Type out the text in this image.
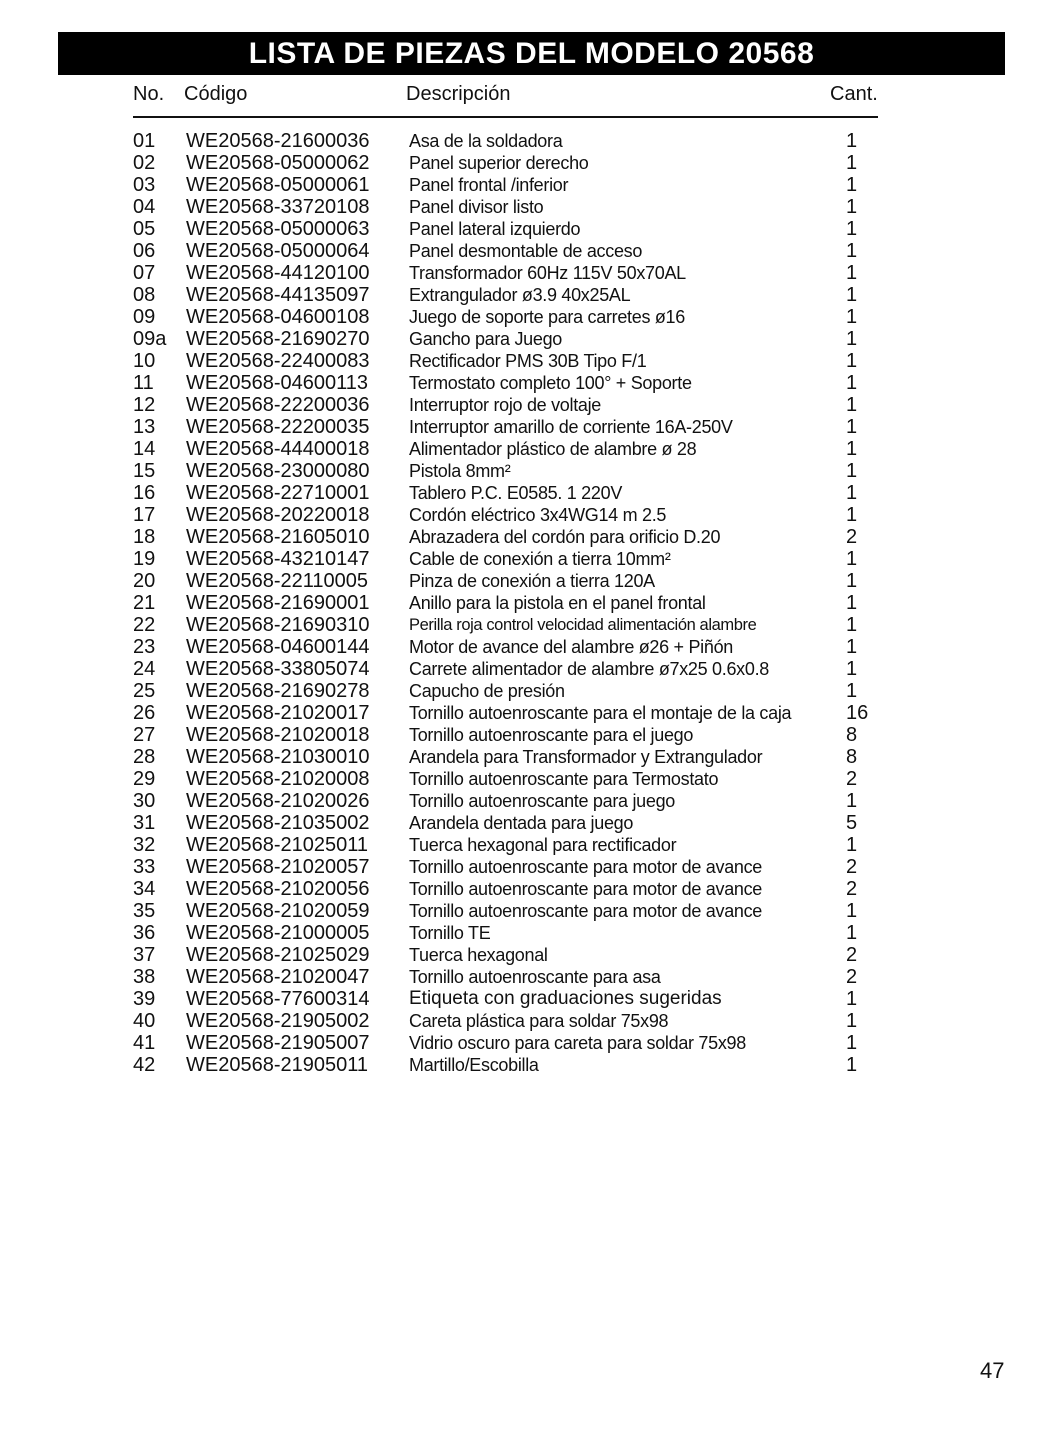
LISTA DE PIEZAS DEL MODELO 20568
No. Código	Descripción	Cant.
01 WE20568-21600036 Asa de la soldadora	1
02 WE20568-05000062 Panel superior derecho	1
03 WE20568-05000061 Panel frontal /inferior	1
04 WE20568-33720108 Panel divisor listo	1
05 WE20568-05000063 Panel lateral izquierdo	1
06 WE20568-05000064 Panel desmontable de acceso	1
07 WE20568-44120100 Transformador 60Hz 115V 50x70AL	1
08 WE20568-44135097 Extrangulador ø3.9 40x25AL	1
09 WE20568-04600108 Juego de soporte para carretes ø16	1
09a WE20568-21690270 Gancho para Juego	1
10 WE20568-22400083 Rectificador PMS 30B Tipo F/1	1
11 WE20568-04600113 Termostato completo 100° + Soporte	1
12 WE20568-22200036 Interruptor rojo de voltaje	1
13 WE20568-22200035 Interruptor amarillo de corriente 16A-250V	1
14 WE20568-44400018 Alimentador plástico de alambre ø 28	1
15 WE20568-23000080 Pistola 8mm²	1
16 WE20568-22710001 Tablero P.C. E0585. 1 220V	1
17 WE20568-20220018 Cordón eléctrico 3x4WG14 m 2.5	1
18 WE20568-21605010 Abrazadera del cordón para orificio D.20	2
19 WE20568-43210147 Cable de conexión a tierra 10mm²	1
20 WE20568-22110005 Pinza de conexión a tierra 120A	1
21 WE20568-21690001 Anillo para la pistola en el panel frontal	1
22 WE20568-21690310 Perilla roja control velocidad alimentación alambre	1
23 WE20568-04600144 Motor de avance del alambre ø26 + Piñón	1
24 WE20568-33805074 Carrete alimentador de alambre ø7x25 0.6x0.8	1
25 WE20568-21690278 Capucho de presión	1
26 WE20568-21020017 Tornillo autoenroscante para el montaje de la caja	16
27 WE20568-21020018 Tornillo autoenroscante para el juego	8
28 WE20568-21030010 Arandela para Transformador y Extrangulador	8
29 WE20568-21020008 Tornillo autoenroscante para Termostato	2
30 WE20568-21020026 Tornillo autoenroscante para juego	1
31 WE20568-21035002 Arandela dentada para juego	5
32 WE20568-21025011 Tuerca hexagonal para rectificador	1
33 WE20568-21020057 Tornillo autoenroscante para motor de avance	2
34 WE20568-21020056 Tornillo autoenroscante para motor de avance	2
35 WE20568-21020059 Tornillo autoenroscante para motor de avance	1
36 WE20568-21000005 Tornillo TE	1
37 WE20568-21025029 Tuerca hexagonal	2
38 WE20568-21020047 Tornillo autoenroscante para asa	2
39 WE20568-77600314 Etiqueta con graduaciones sugeridas	1
40 WE20568-21905002 Careta plástica para soldar 75x98	1
41 WE20568-21905007 Vidrio oscuro para careta para soldar 75x98	1
42 WE20568-21905011 Martillo/Escobilla	1
47
